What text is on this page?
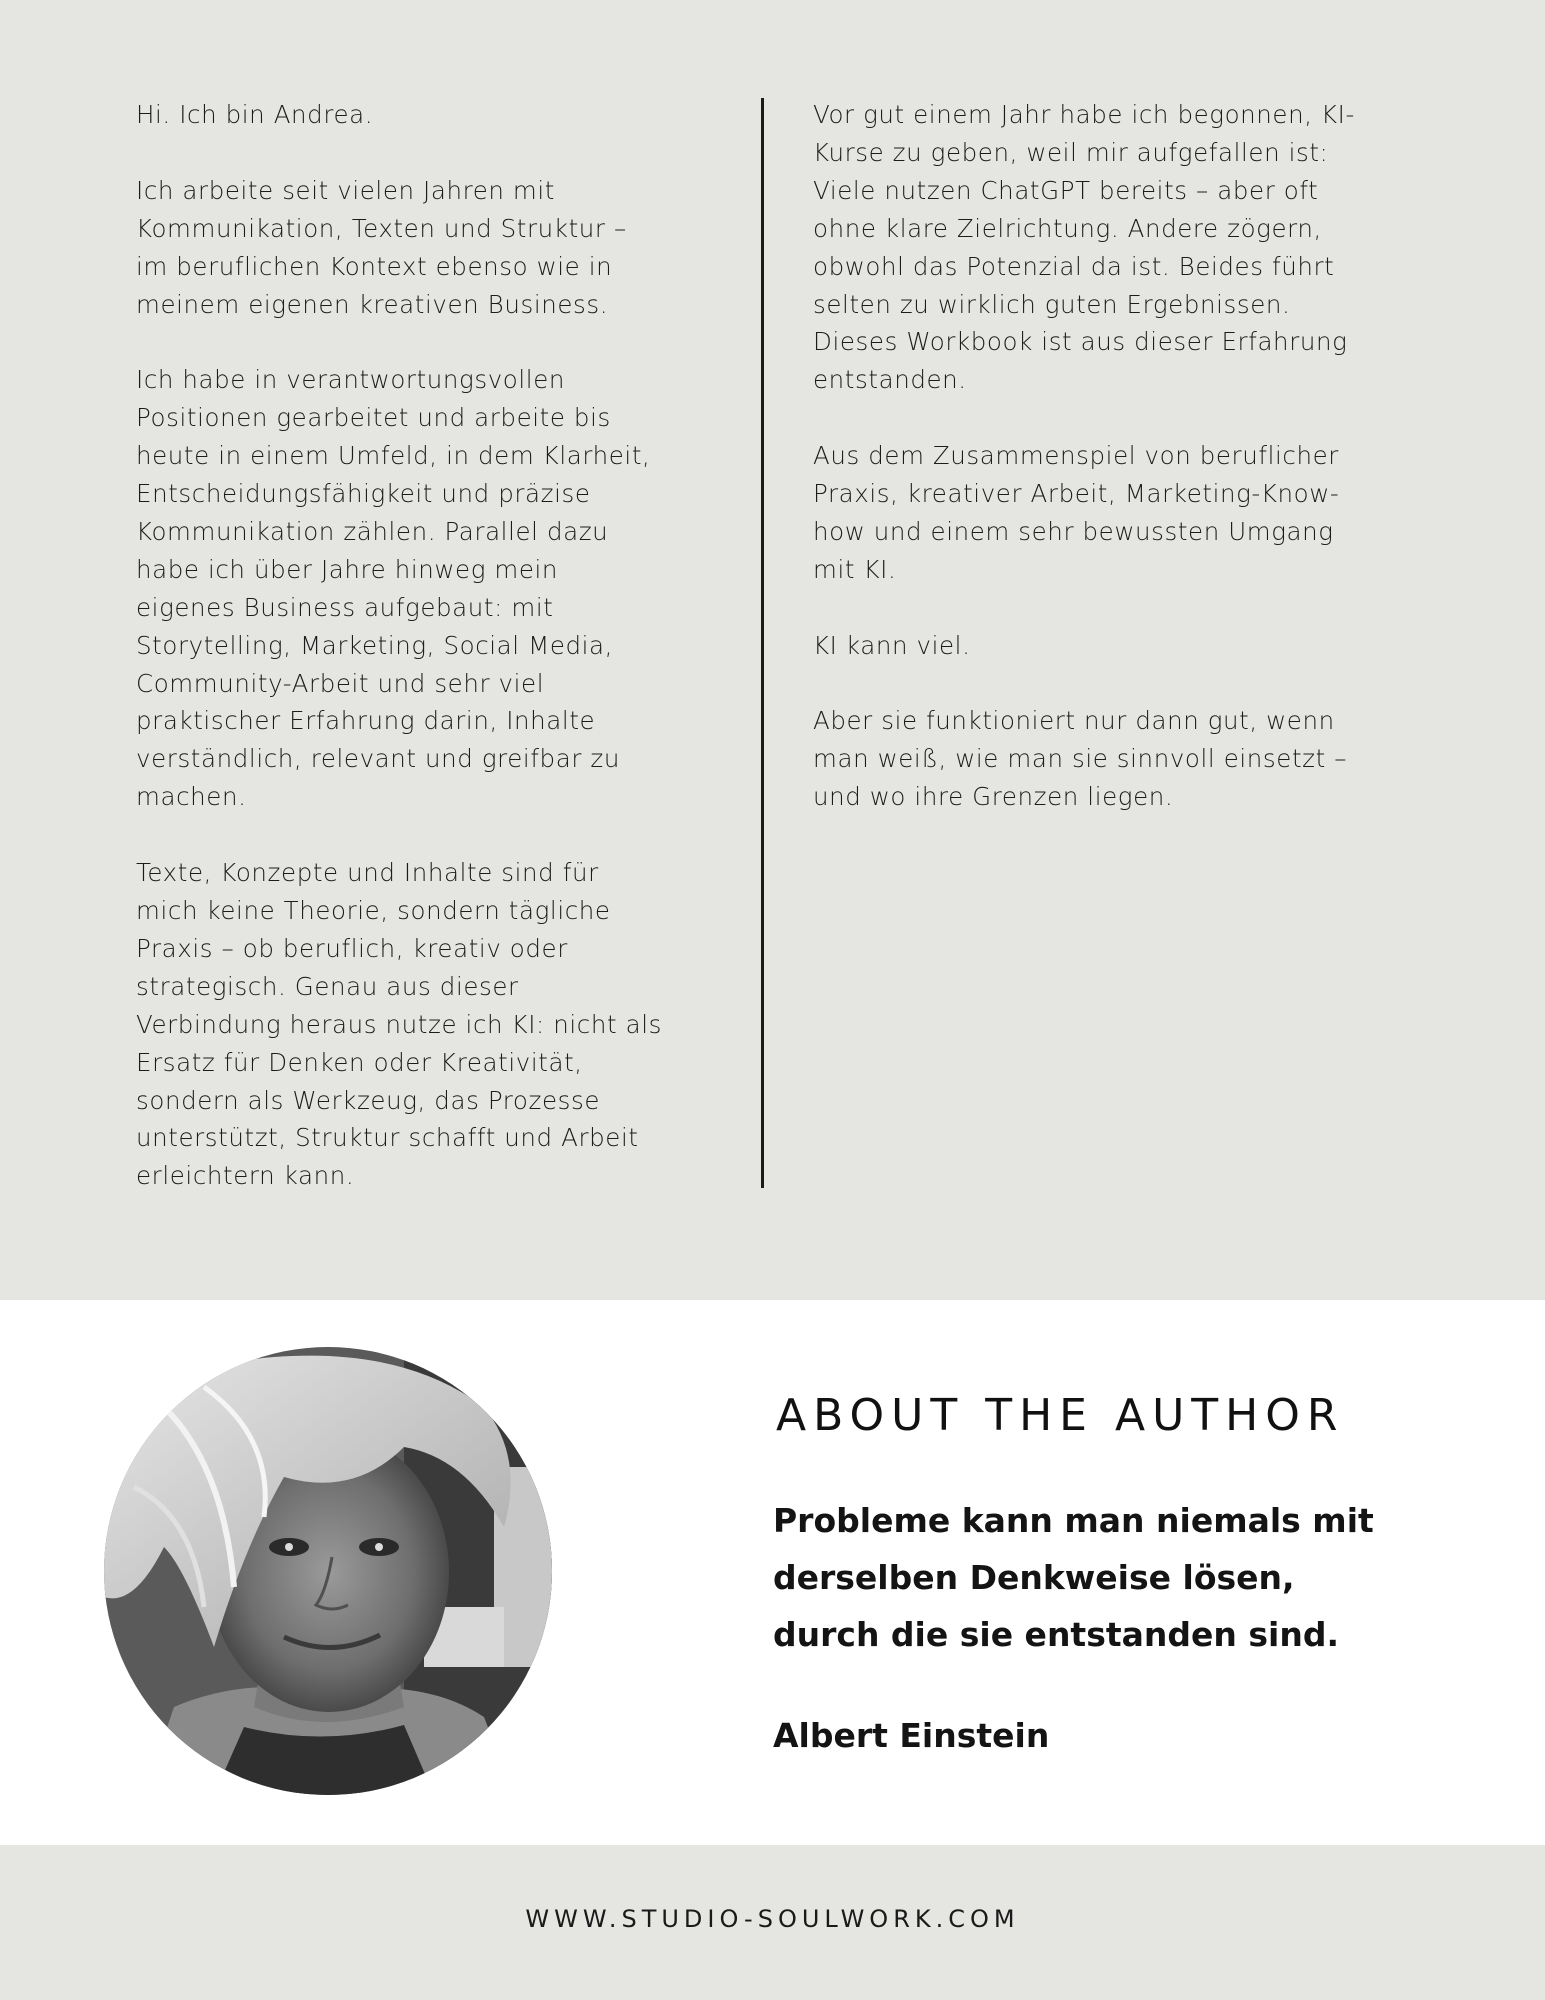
Hi. Ich bin Andrea.

Ich arbeite seit vielen Jahren mit
Kommunikation, Texten und Struktur –
im beruflichen Kontext ebenso wie in
meinem eigenen kreativen Business.

Ich habe in verantwortungsvollen
Positionen gearbeitet und arbeite bis
heute in einem Umfeld, in dem Klarheit,
Entscheidungsfähigkeit und präzise
Kommunikation zählen. Parallel dazu
habe ich über Jahre hinweg mein
eigenes Business aufgebaut: mit
Storytelling, Marketing, Social Media,
Community-Arbeit und sehr viel
praktischer Erfahrung darin, Inhalte
verständlich, relevant und greifbar zu
machen.

Texte, Konzepte und Inhalte sind für
mich keine Theorie, sondern tägliche
Praxis – ob beruflich, kreativ oder
strategisch. Genau aus dieser
Verbindung heraus nutze ich KI: nicht als
Ersatz für Denken oder Kreativität,
sondern als Werkzeug, das Prozesse
unterstützt, Struktur schafft und Arbeit
erleichtern kann.

Vor gut einem Jahr habe ich begonnen, KI-
Kurse zu geben, weil mir aufgefallen ist:
Viele nutzen ChatGPT bereits – aber oft
ohne klare Zielrichtung. Andere zögern,
obwohl das Potenzial da ist. Beides führt
selten zu wirklich guten Ergebnissen.
Dieses Workbook ist aus dieser Erfahrung
entstanden.

Aus dem Zusammenspiel von beruflicher
Praxis, kreativer Arbeit, Marketing-Know-
how und einem sehr bewussten Umgang
mit KI.

KI kann viel.

Aber sie funktioniert nur dann gut, wenn
man weiß, wie man sie sinnvoll einsetzt –
und wo ihre Grenzen liegen.

ABOUT THE AUTHOR
Probleme kann man niemals mit
derselben Denkweise lösen,
durch die sie entstanden sind.
Albert Einstein
WWW.STUDIO-SOULWORK.COM
